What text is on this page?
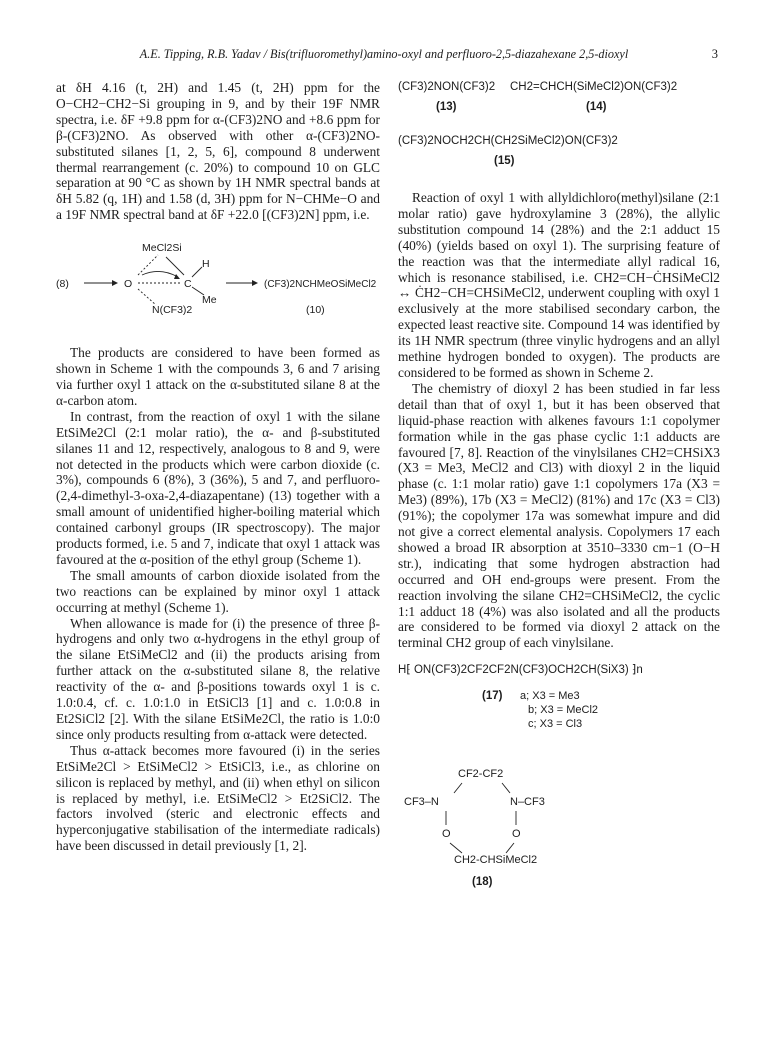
A.E. Tipping, R.B. Yadav / Bis(trifluoromethyl)amino-oxyl and perfluoro-2,5-diazahexane 2,5-dioxyl	3

at δH 4.16 (t, 2H) and 1.45 (t, 2H) ppm for the O−CH2−CH2−Si grouping in 9, and by their 19F NMR spectra, i.e. δF +9.8 ppm for α-(CF3)2NO and +8.6 ppm for β-(CF3)2NO. As observed with other α-(CF3)2NO-substituted silanes [1, 2, 5, 6], compound 8 underwent thermal rearrangement (c. 20%) to compound 10 on GLC separation at 90 °C as shown by 1H NMR spectral bands at δH 5.82 (q, 1H) and 1.58 (d, 3H) ppm for N−CHMe−O and a 19F NMR spectral band at δF +22.0 [(CF3)2N] ppm, i.e.

(8)
MeCl2Si
O	C
H
Me
N(CF3)2
(CF3)2NCHMeOSiMeCl2
(10)

The products are considered to have been formed as shown in Scheme 1 with the compounds 3, 6 and 7 arising via further oxyl 1 attack on the α-substituted silane 8 at the α-carbon atom.

In contrast, from the reaction of oxyl 1 with the silane EtSiMe2Cl (2:1 molar ratio), the α- and β-substituted silanes 11 and 12, respectively, analogous to 8 and 9, were not detected in the products which were carbon dioxide (c. 3%), compounds 6 (8%), 3 (36%), 5 and 7, and perfluoro-(2,4-dimethyl-3-oxa-2,4-diazapentane) (13) together with a small amount of unidentified higher-boiling material which contained carbonyl groups (IR spectroscopy). The major products formed, i.e. 5 and 7, indicate that oxyl 1 attack was favoured at the α-position of the ethyl group (Scheme 1).

The small amounts of carbon dioxide isolated from the two reactions can be explained by minor oxyl 1 attack occurring at methyl (Scheme 1).

When allowance is made for (i) the presence of three β-hydrogens and only two α-hydrogens in the ethyl group of the silane EtSiMeCl2 and (ii) the products arising from further attack on the α-substituted silane 8, the relative reactivity of the α- and β-positions towards oxyl 1 is c. 1.0:0.4, cf. c. 1.0:1.0 in EtSiCl3 [1] and c. 1.0:0.8 in Et2SiCl2 [2]. With the silane EtSiMe2Cl, the ratio is 1.0:0 since only products resulting from α-attack were detected.

Thus α-attack becomes more favoured (i) in the series EtSiMe2Cl > EtSiMeCl2 > EtSiCl3, i.e., as chlorine on silicon is replaced by methyl, and (ii) when ethyl on silicon is replaced by methyl, i.e. EtSiMeCl2 > Et2SiCl2. The factors involved (steric and electronic effects and hyperconjugative stabilisation of the intermediate radicals) have been discussed in detail previously [1, 2].

(CF3)2NON(CF3)2
(13)
CH2=CHCH(SiMeCl2)ON(CF3)2
(14)
(CF3)2NOCH2CH(CH2SiMeCl2)ON(CF3)2
(15)

Reaction of oxyl 1 with allyldichloro(methyl)silane (2:1 molar ratio) gave hydroxylamine 3 (28%), the allylic substitution compound 14 (28%) and the 2:1 adduct 15 (40%) (yields based on oxyl 1). The surprising feature of the reaction was that the intermediate allyl radical 16, which is resonance stabilised, i.e. CH2=CH−ĊHSiMeCl2 ↔ ĊH2−CH=CHSiMeCl2, underwent coupling with oxyl 1 exclusively at the more stabilised secondary carbon, the expected least reactive site. Compound 14 was identified by its 1H NMR spectrum (three vinylic hydrogens and an allyl methine hydrogen bonded to oxygen). The products are considered to be formed as shown in Scheme 2.

The chemistry of dioxyl 2 has been studied in far less detail than that of oxyl 1, but it has been observed that liquid-phase reaction with alkenes favours 1:1 copolymer formation while in the gas phase cyclic 1:1 adducts are favoured [7, 8]. Reaction of the vinylsilanes CH2=CHSiX3 (X3 = Me3, MeCl2 and Cl3) with dioxyl 2 in the liquid phase (c. 1:1 molar ratio) gave 1:1 copolymers 17a (X3 = Me3) (89%), 17b (X3 = MeCl2) (81%) and 17c (X3 = Cl3) (91%); the copolymer 17a was somewhat impure and did not give a correct elemental analysis. Copolymers 17 each showed a broad IR absorption at 3510–3330 cm−1 (O−H str.), indicating that some hydrogen abstraction had occurred and OH end-groups were present. From the reaction involving the silane CH2=CHSiMeCl2, the cyclic 1:1 adduct 18 (4%) was also isolated and all the products are considered to be formed via dioxyl 2 attack on the terminal CH2 group of each vinylsilane.

H⁅ ON(CF3)2CF2CF2N(CF3)OCH2CH(SiX3) ⁆n
(17) a; X3 = Me3
b; X3 = MeCl2
c; X3 = Cl3
CF2-CF2
CF3–N	N–CF3
O	O
CH2-CHSiMeCl2
(18)
